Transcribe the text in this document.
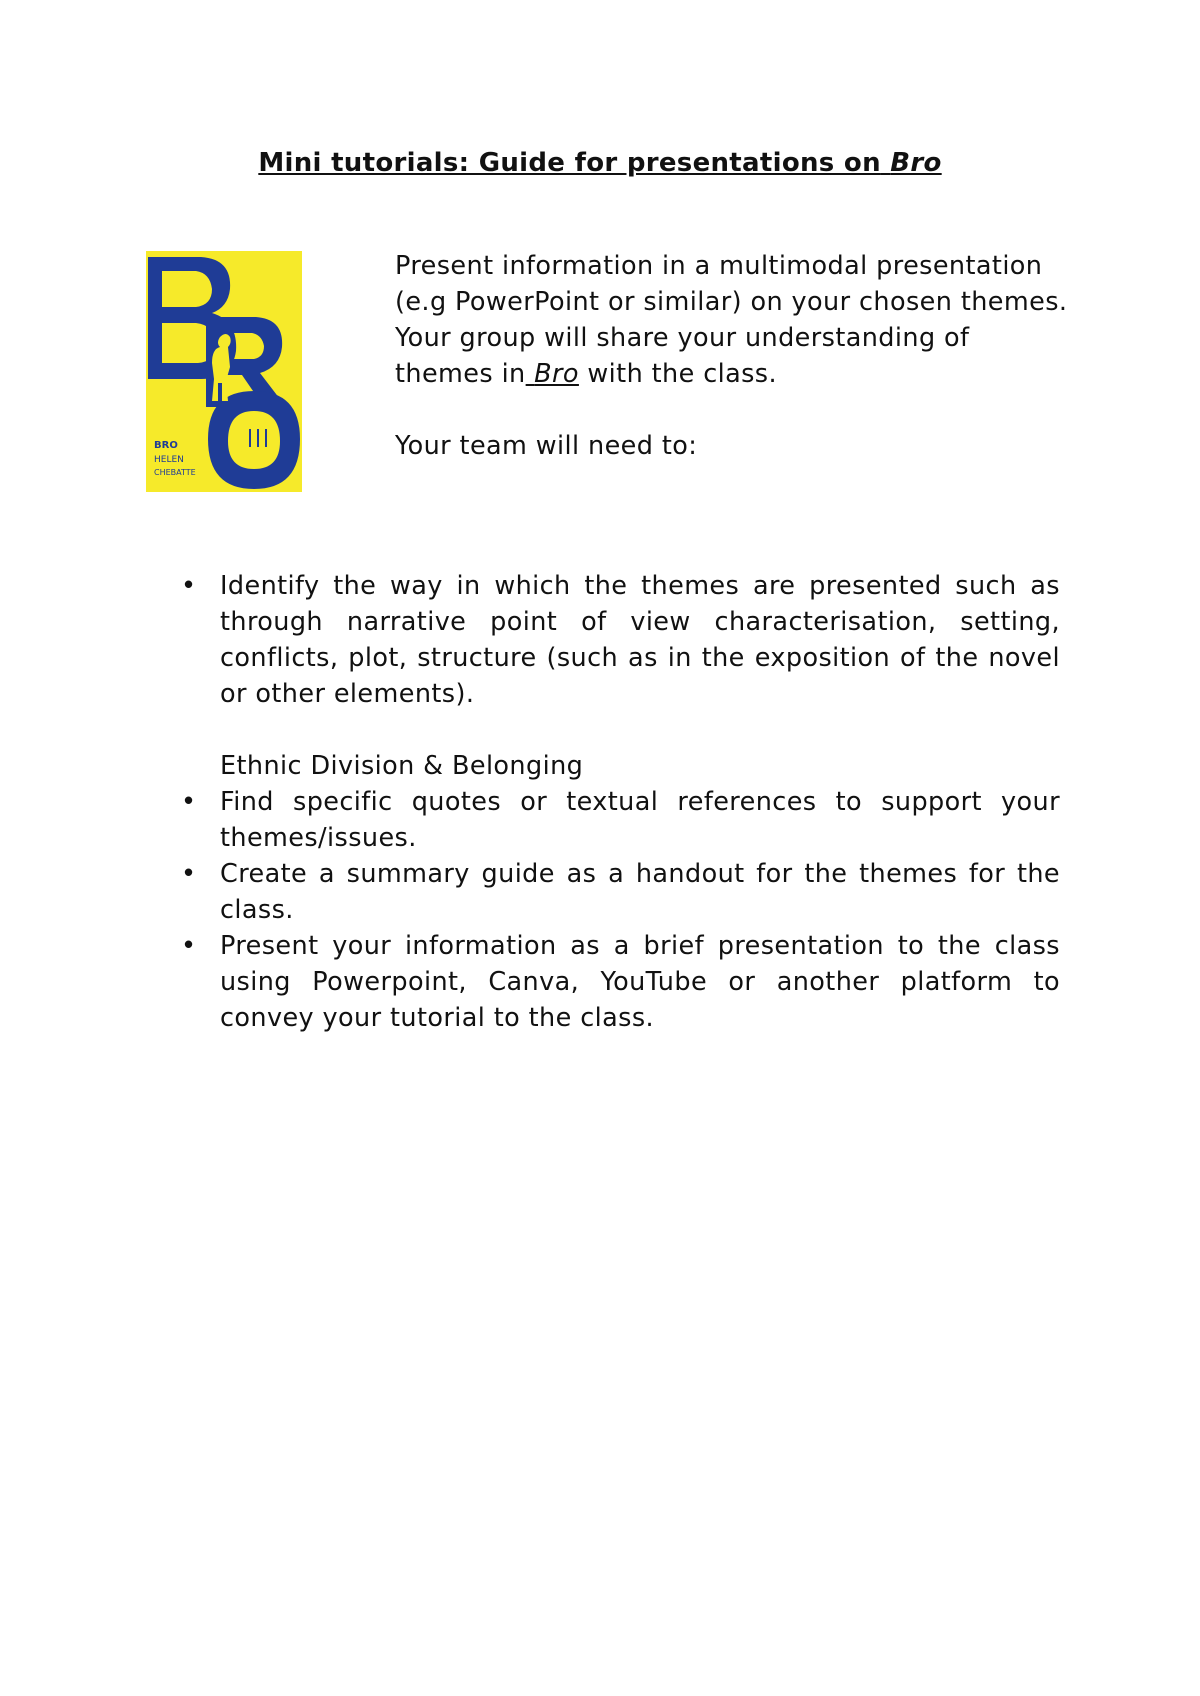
Mini tutorials: Guide for presentations on Bro
BRO
HELEN
CHEBATTE

Present information in a multimodal presentation (e.g PowerPoint or similar) on your chosen themes. Your group will share your understanding of themes in Bro with the class.

Your team will need to:

• Identify the way in which the themes are presented such as through narrative point of view characterisation, setting, conflicts, plot, structure (such as in the exposition of the novel or other elements).
Ethnic Division & Belonging
• Find specific quotes or textual references to support your themes/issues.
• Create a summary guide as a handout for the themes for the class.
• Present your information as a brief presentation to the class using Powerpoint, Canva, YouTube or another platform to convey your tutorial to the class.
